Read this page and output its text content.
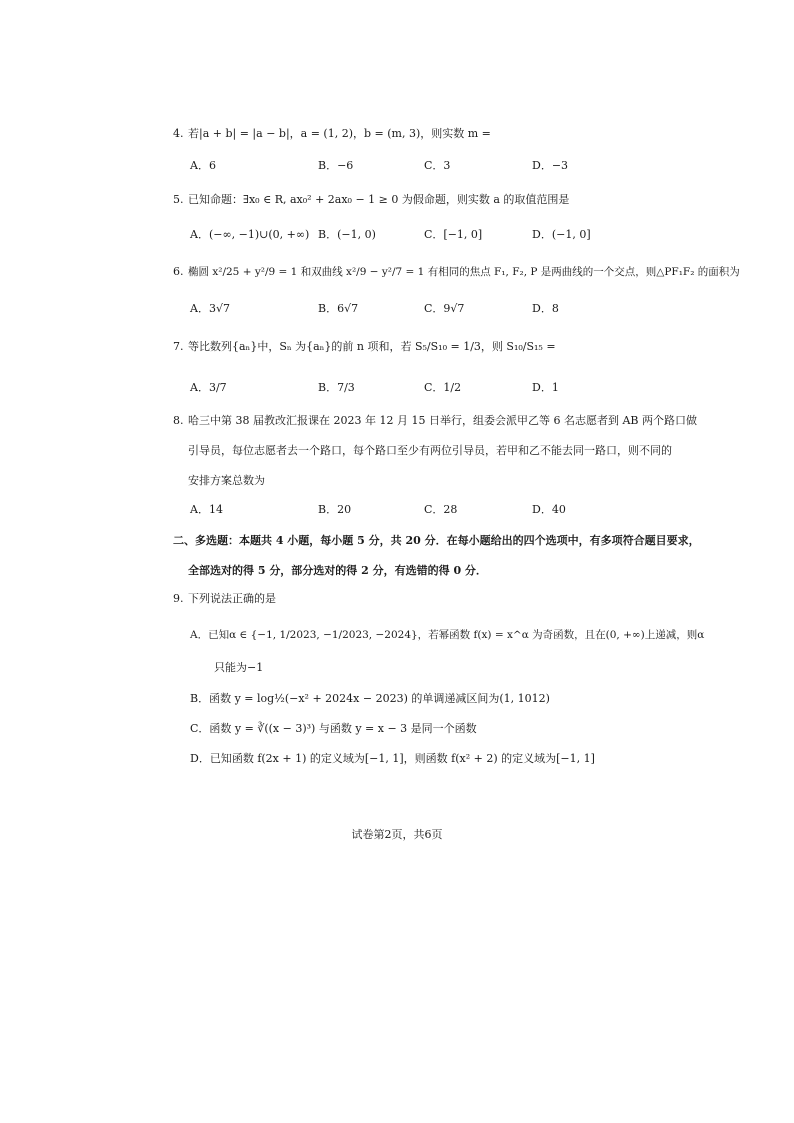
4. 若|a + b| = |a − b|，a = (1, 2)，b = (m, 3)，则实数 m =
A．6	B．−6	C．3	D．−3
5. 已知命题：∃x₀ ∈ R, ax₀² + 2ax₀ − 1 ≥ 0 为假命题，则实数 a 的取值范围是
A．(−∞, −1)∪(0, +∞) B．(−1, 0)	C．[−1, 0]	D．(−1, 0]
6. 椭圆 x²/25 + y²/9 = 1 和双曲线 x²/9 − y²/7 = 1 有相同的焦点 F₁, F₂, P 是两曲线的一个交点，则△PF₁F₂ 的面积为
A．3√7	B．6√7	C．9√7	D．8
7. 等比数列{aₙ}中，Sₙ 为{aₙ}的前 n 项和，若 S₅/S₁₀ = 1/3，则 S₁₀/S₁₅ =
A．3/7	B．7/3	C．1/2	D．1
8. 哈三中第 38 届教改汇报课在 2023 年 12 月 15 日举行，组委会派甲乙等 6 名志愿者到 AB 两个路口做
引导员，每位志愿者去一个路口，每个路口至少有两位引导员，若甲和乙不能去同一路口，则不同的
安排方案总数为
A．14	B．20	C．28	D．40
二、多选题：本题共 4 小题，每小题 5 分，共 20 分．在每小题给出的四个选项中，有多项符合题目要求，
全部选对的得 5 分，部分选对的得 2 分，有选错的得 0 分．
9. 下列说法正确的是
A．已知α ∈ {−1, 1/2023, −1/2023, −2024}，若幂函数 f(x) = x^α 为奇函数，且在(0, +∞)上递减，则α
只能为−1
B．函数 y = log½(−x² + 2024x − 2023) 的单调递减区间为(1, 1012)
C．函数 y = ∛((x − 3)³) 与函数 y = x − 3 是同一个函数
D．已知函数 f(2x + 1) 的定义域为[−1, 1]，则函数 f(x² + 2) 的定义域为[−1, 1]
试卷第2页，共6页
